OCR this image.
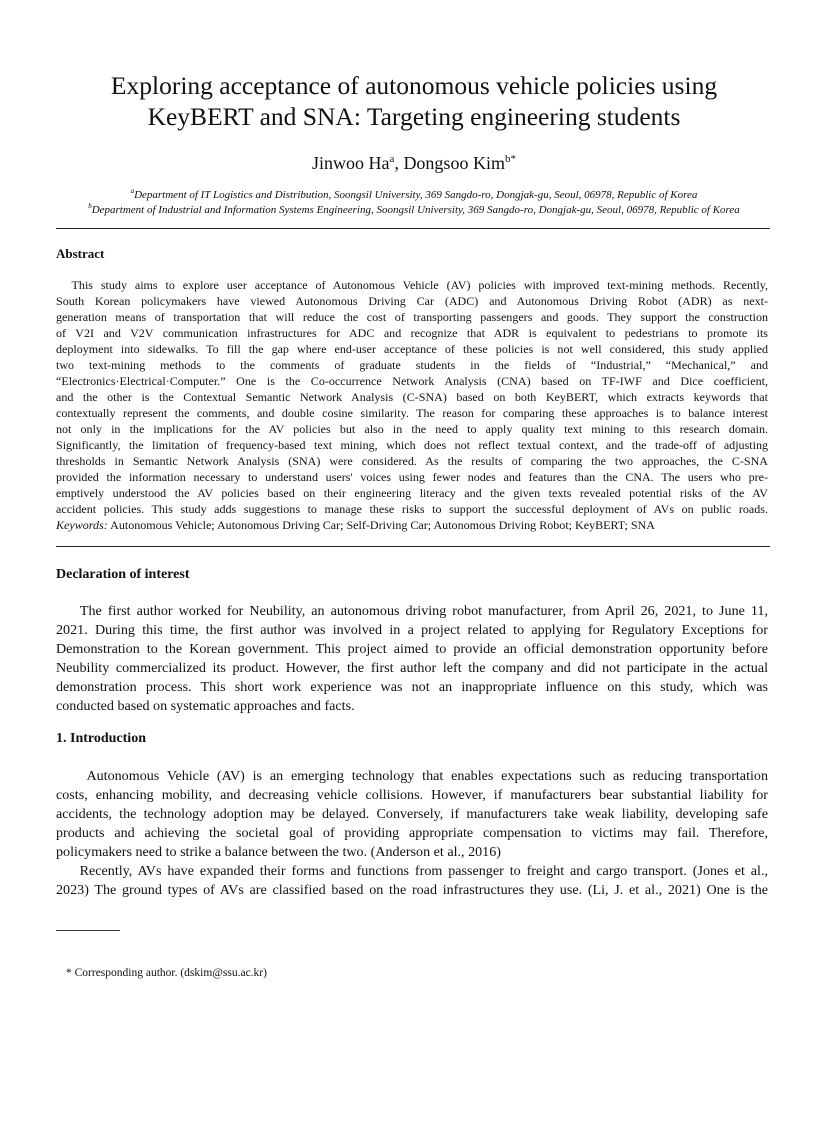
Exploring acceptance of autonomous vehicle policies using
KeyBERT and SNA: Targeting engineering students
Jinwoo Ha$^a$, Dongsoo Kim$^{b*}$
$^a$Department of IT Logistics and Distribution, Soongsil University, 369 Sangdo-ro, Dongjak-gu, Seoul, 06978, Republic of Korea
$^b$Department of Industrial and Information Systems Engineering, Soongsil University, 369 Sangdo-ro, Dongjak-gu, Seoul, 06978, Republic of Korea
Abstract
This study aims to explore user acceptance of Autonomous Vehicle (AV) policies with improved text-mining methods. Recently,
South Korean policymakers have viewed Autonomous Driving Car (ADC) and Autonomous Driving Robot (ADR) as next-
generation means of transportation that will reduce the cost of transporting passengers and goods. They support the construction
of V2I and V2V communication infrastructures for ADC and recognize that ADR is equivalent to pedestrians to promote its
deployment into sidewalks. To fill the gap where end-user acceptance of these policies is not well considered, this study applied
two text-mining methods to the comments of graduate students in the fields of “Industrial,” “Mechanical,” and
“Electronics·Electrical·Computer.” One is the Co-occurrence Network Analysis (CNA) based on TF-IWF and Dice coefficient,
and the other is the Contextual Semantic Network Analysis (C-SNA) based on both KeyBERT, which extracts keywords that
contextually represent the comments, and double cosine similarity. The reason for comparing these approaches is to balance interest
not only in the implications for the AV policies but also in the need to apply quality text mining to this research domain.
Significantly, the limitation of frequency-based text mining, which does not reflect textual context, and the trade-off of adjusting
thresholds in Semantic Network Analysis (SNA) were considered. As the results of comparing the two approaches, the C-SNA
provided the information necessary to understand users' voices using fewer nodes and features than the CNA. The users who pre-
emptively understood the AV policies based on their engineering literacy and the given texts revealed potential risks of the AV
accident policies. This study adds suggestions to manage these risks to support the successful deployment of AVs on public roads.
Keywords: Autonomous Vehicle; Autonomous Driving Car; Self-Driving Car; Autonomous Driving Robot; KeyBERT; SNA
Declaration of interest
The first author worked for Neubility, an autonomous driving robot manufacturer, from April 26, 2021, to June 11,
2021. During this time, the first author was involved in a project related to applying for Regulatory Exceptions for
Demonstration to the Korean government. This project aimed to provide an official demonstration opportunity before
Neubility commercialized its product. However, the first author left the company and did not participate in the actual
demonstration process. This short work experience was not an inappropriate influence on this study, which was
conducted based on systematic approaches and facts.
1. Introduction
Autonomous Vehicle (AV) is an emerging technology that enables expectations such as reducing transportation
costs, enhancing mobility, and decreasing vehicle collisions. However, if manufacturers bear substantial liability for
accidents, the technology adoption may be delayed. Conversely, if manufacturers take weak liability, developing safe
products and achieving the societal goal of providing appropriate compensation to victims may fail. Therefore,
policymakers need to strike a balance between the two. (Anderson et al., 2016)
Recently, AVs have expanded their forms and functions from passenger to freight and cargo transport. (Jones et al.,
2023) The ground types of AVs are classified based on the road infrastructures they use. (Li, J. et al., 2021) One is the
* Corresponding author. (dskim@ssu.ac.kr)
